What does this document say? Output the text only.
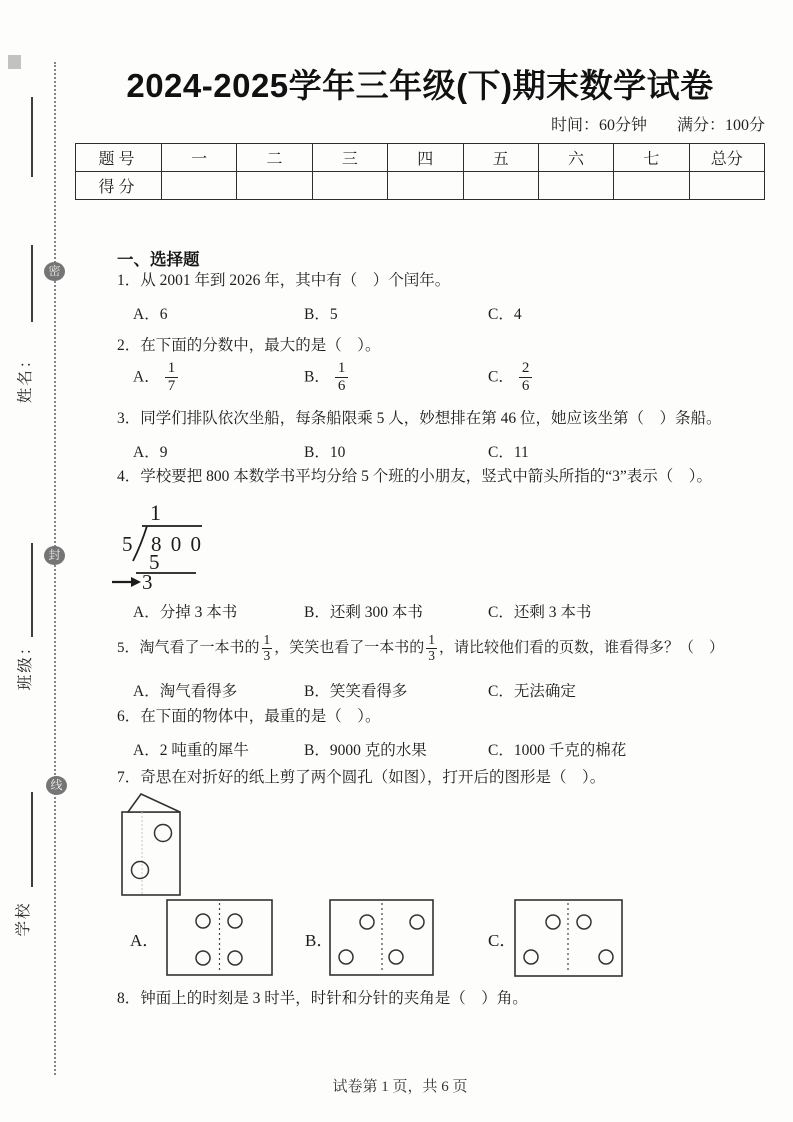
姓名：
班级：
学校
密
封
线
2024-2025学年三年级(下)期末数学试卷
时间：60分钟 满分：100分
题号	一	二	三	四	五	六	七	总分
得分								
一、选择题
1．从 2001 年到 2026 年，其中有（　）个闰年。
A．6	B．5	C．4
2．在下面的分数中，最大的是（　）。
A． $\frac{1}{7}$	B． $\frac{1}{6}$	C． $\frac{2}{6}$
3．同学们排队依次坐船，每条船限乘 5 人，妙想排在第 46 位，她应该坐第（　）条船。
A．9	B．10	C．11
4．学校要把 800 本数学书平均分给 5 个班的小朋友，竖式中箭头所指的“3”表示（　）。
1
5 8 0 0
5
3
A．分掉 3 本书	B．还剩 300 本书	C．还剩 3 本书
5．淘气看了一本书的 $\frac{1}{3}$ ，笑笑也看了一本书的 $\frac{1}{3}$ ，请比较他们看的页数，谁看得多？（　）
A．淘气看得多	B．笑笑看得多	C．无法确定
6．在下面的物体中，最重的是（　）。
A．2 吨重的犀牛	B．9000 克的水果	C．1000 千克的棉花
7．奇思在对折好的纸上剪了两个圆孔（如图），打开后的图形是（　）。
A．	B．	C．
8．钟面上的时刻是 3 时半，时针和分针的夹角是（　）角。
试卷第 1 页，共 6 页
